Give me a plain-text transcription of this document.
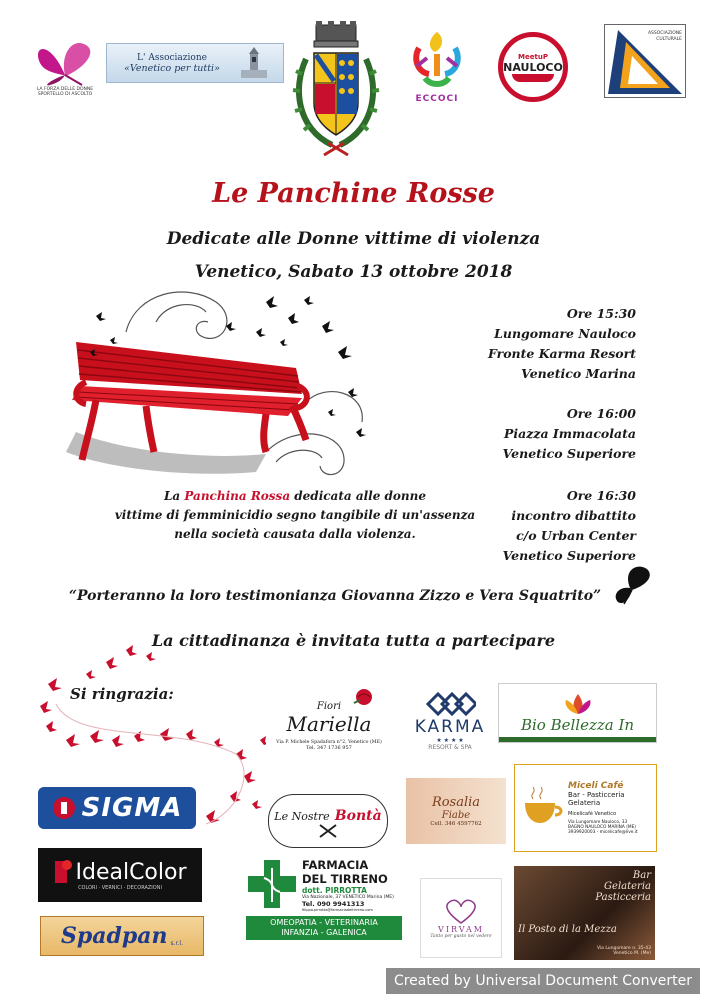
LA FORZA DELLE DONNE
SPORTELLO DI ASCOLTO
L' Associazione
«Venetico per tutti»
ECCOCI
MeetuP
NAULOCO
ASSOCIAZIONE
CULTURALE
Le Panchine Rosse
Dedicate alle Donne vittime di violenza
Venetico, Sabato 13 ottobre 2018
Ore 15:30
Lungomare Nauloco
Fronte Karma Resort
Venetico Marina
Ore 16:00
Piazza Immacolata
Venetico Superiore
Ore 16:30
incontro dibattito
c/o Urban Center
Venetico Superiore
La Panchina Rossa dedicata alle donne
vittime di femminicidio segno tangibile di un'assenza
nella società causata dalla violenza.
“Porteranno la loro testimonianza Giovanna Zizzo e Vera Squatrito”
La cittadinanza è invitata tutta a partecipare
Si ringrazia:
SIGMA
IdealColor
COLORI · VERNICI · DECORAZIONI
Spadpan s.r.l.
Fiori
Mariella
Via P. Michele Spadafora n°2, Venetico (ME)
Tel. 347 1736 957
Le Nostre Bontà
FARMACIA
DEL TIRRENO
dott. PIRROTTA
Via Nazionale, 37 VENETICO Marina (ME)
Tel. 090 9941313
filippo.pirrotta@farmaciadeltirreno.com
OMEOPATIA - VETERINARIA
INFANZIA - GALENICA
KARMA
★ ★ ★ ★
RESORT & SPA
Bio Bellezza In
Rosalia
Fiabe
Cell. 346 4597762
Miceli Café
Bar - Pasticceria
Gelateria
Micelicafè Venetico
Via Lungomare Nauloco, 33
BAGNO NAULOCO MARINA (ME)
3939920003 - micelicafe@live.it
VIRVAM
Tanto per gusto nel vedere
Bar
Gelateria
Pasticceria
Il Posto di la Mezza
Via Lungomare n. 35-43
Venetico M. (Me)
Created by Universal Document Converter
